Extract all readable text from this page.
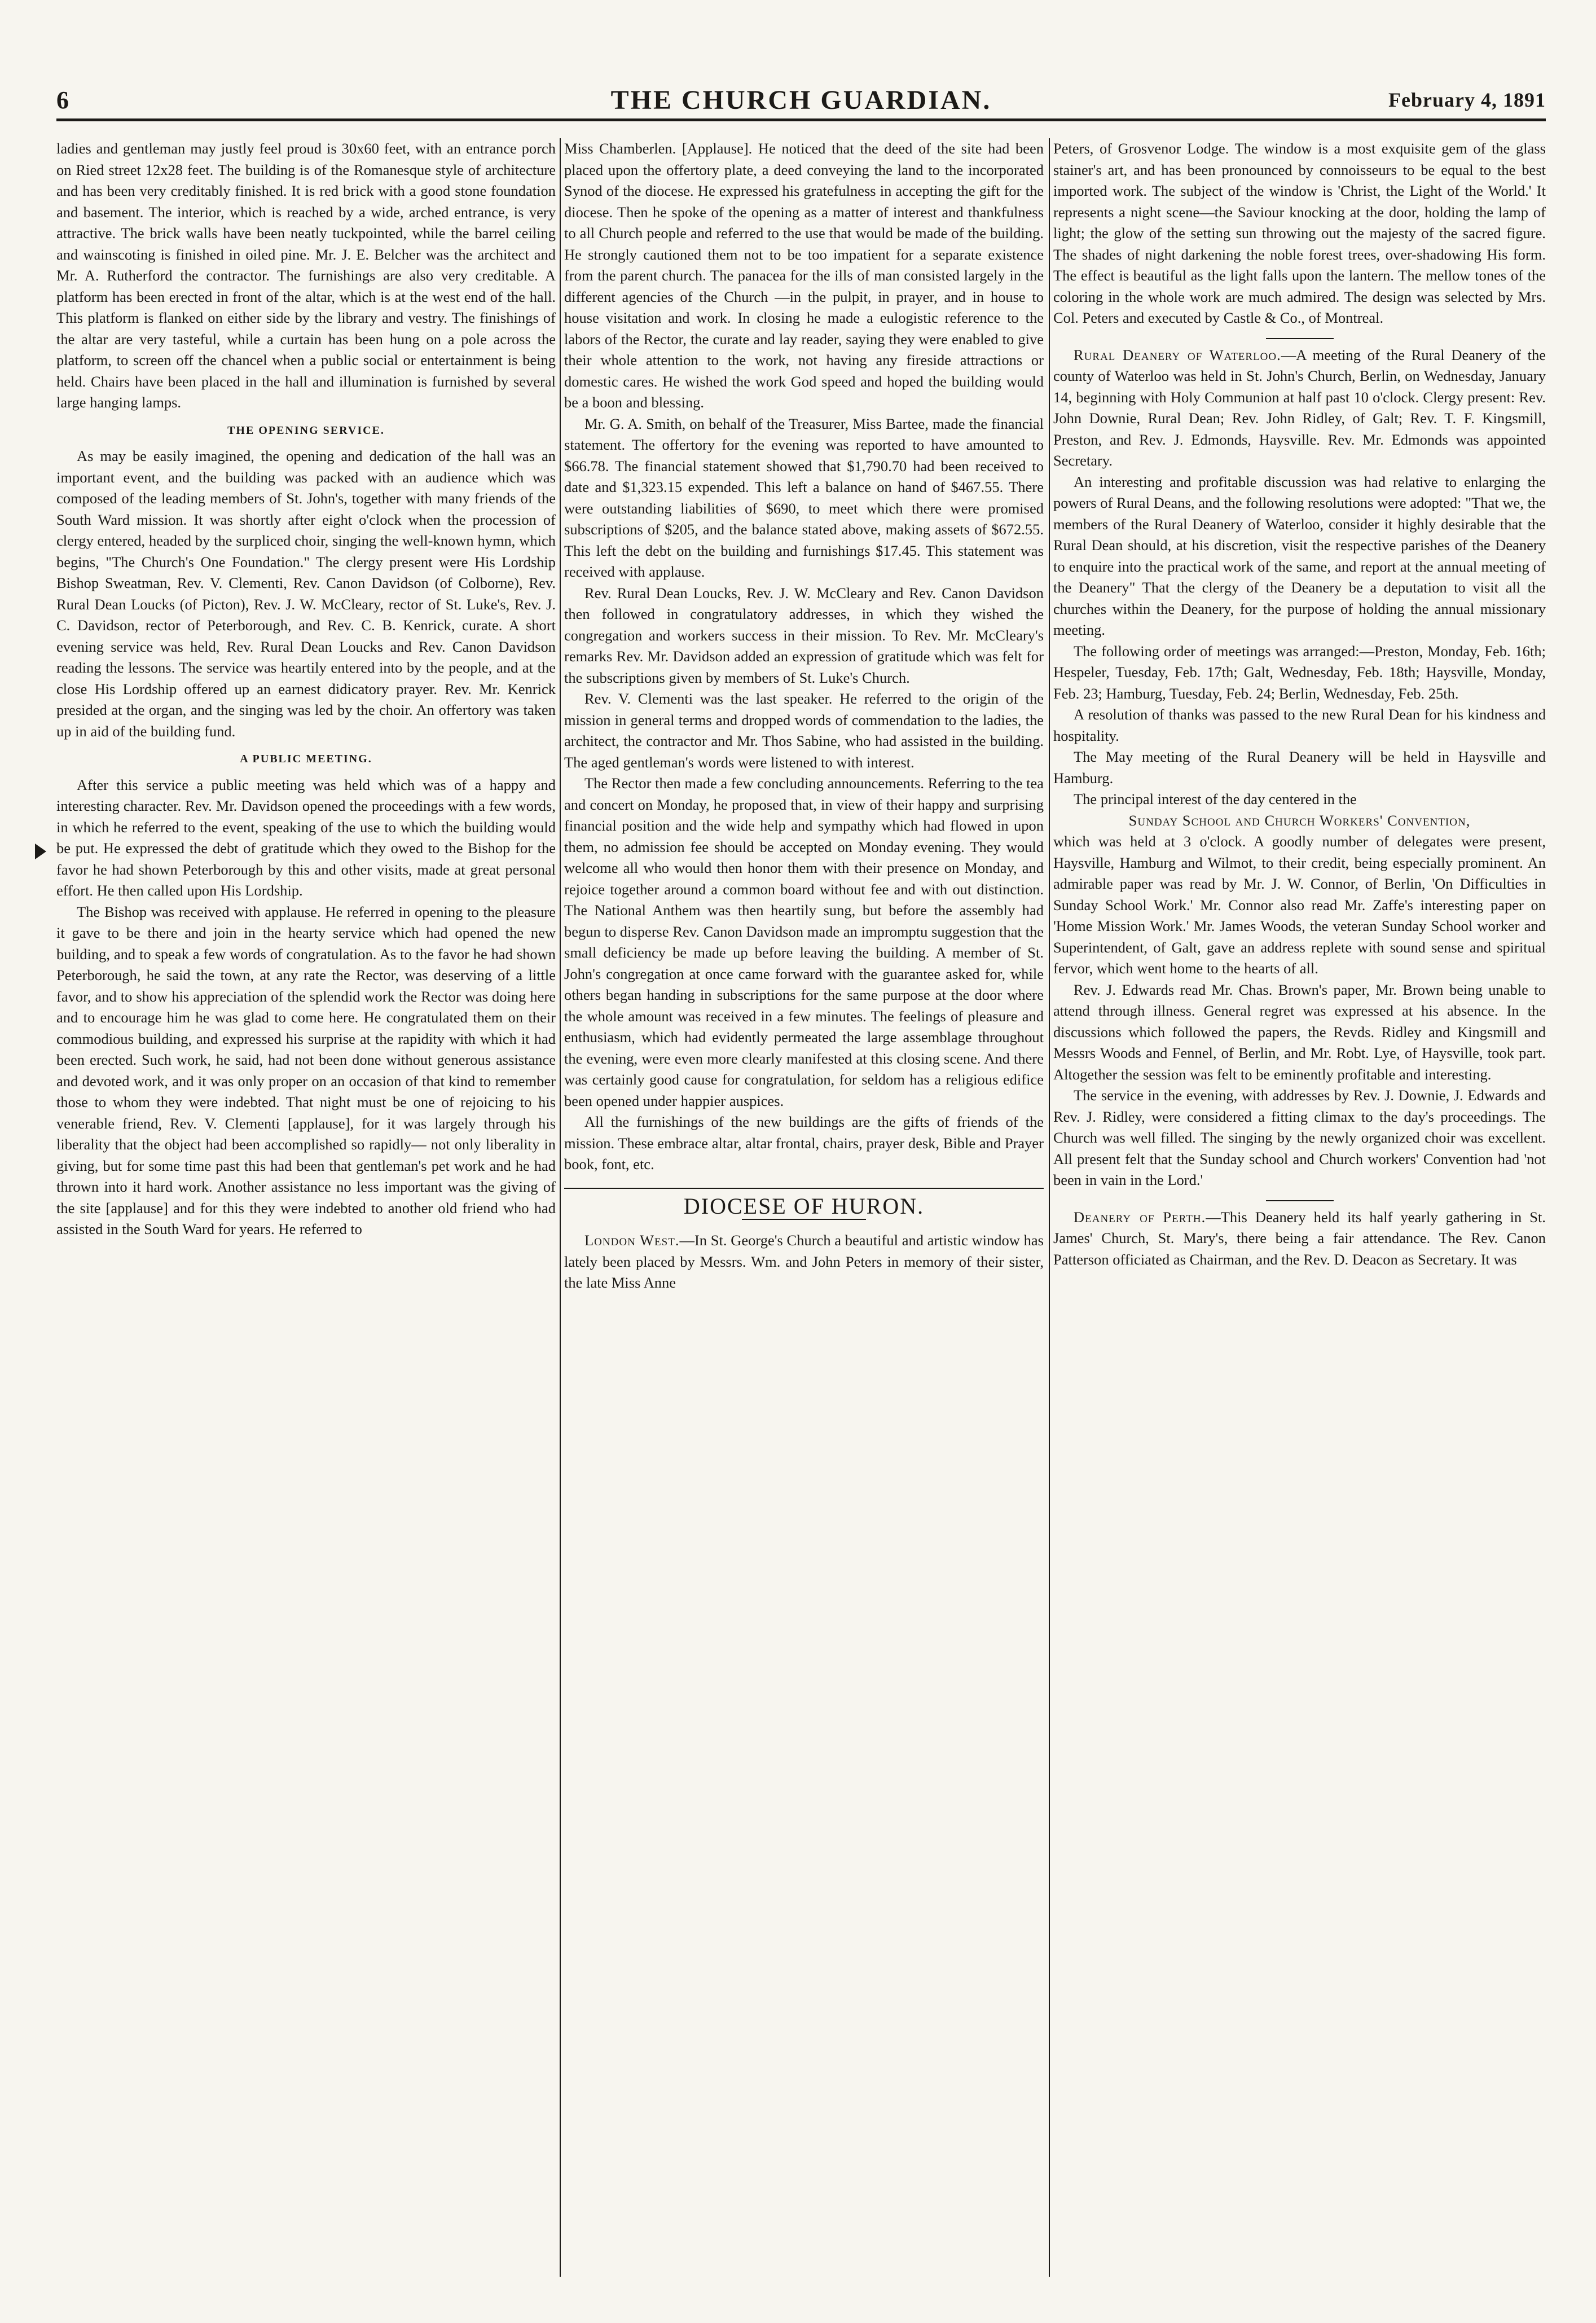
6	THE CHURCH GUARDIAN.	February 4, 1891

ladies and gentleman may justly feel proud is 30x60 feet, with an entrance porch on Ried street 12x28 feet. The building is of the Romanesque style of architecture and has been very creditably finished. It is red brick with a good stone foundation and basement. The interior, which is reached by a wide, arched entrance, is very attractive. The brick walls have been neatly tuckpointed, while the barrel ceiling and wainscoting is finished in oiled pine. Mr. J. E. Belcher was the architect and Mr. A. Rutherford the contractor. The furnishings are also very creditable. A platform has been erected in front of the altar, which is at the west end of the hall. This platform is flanked on either side by the library and vestry. The finishings of the altar are very tasteful, while a curtain has been hung on a pole across the platform, to screen off the chancel when a public social or entertainment is being held. Chairs have been placed in the hall and illumination is furnished by several large hanging lamps.

THE OPENING SERVICE.

As may be easily imagined, the opening and dedication of the hall was an important event, and the building was packed with an audience which was composed of the leading members of St. John's, together with many friends of the South Ward mission. It was shortly after eight o'clock when the procession of clergy entered, headed by the surpliced choir, singing the well-known hymn, which begins, "The Church's One Foundation." The clergy present were His Lordship Bishop Sweatman, Rev. V. Clementi, Rev. Canon Davidson (of Colborne), Rev. Rural Dean Loucks (of Picton), Rev. J. W. McCleary, rector of St. Luke's, Rev. J. C. Davidson, rector of Peterborough, and Rev. C. B. Kenrick, curate. A short evening service was held, Rev. Rural Dean Loucks and Rev. Canon Davidson reading the lessons. The service was heartily entered into by the people, and at the close His Lordship offered up an earnest didicatory prayer. Rev. Mr. Kenrick presided at the organ, and the singing was led by the choir. An offertory was taken up in aid of the building fund.

A PUBLIC MEETING.

After this service a public meeting was held which was of a happy and interesting character. Rev. Mr. Davidson opened the proceedings with a few words, in which he referred to the event, speaking of the use to which the building would be put. He expressed the debt of gratitude which they owed to the Bishop for the favor he had shown Peterborough by this and other visits, made at great personal effort. He then called upon His Lordship.

The Bishop was received with applause. He referred in opening to the pleasure it gave to be there and join in the hearty service which had opened the new building, and to speak a few words of congratulation. As to the favor he had shown Peterborough, he said the town, at any rate the Rector, was deserving of a little favor, and to show his appreciation of the splendid work the Rector was doing here and to encourage him he was glad to come here. He congratulated them on their commodious building, and expressed his surprise at the rapidity with which it had been erected. Such work, he said, had not been done without generous assistance and devoted work, and it was only proper on an occasion of that kind to remember those to whom they were indebted. That night must be one of rejoicing to his venerable friend, Rev. V. Clementi [applause], for it was largely through his liberality that the object had been accomplished so rapidly— not only liberality in giving, but for some time past this had been that gentleman's pet work and he had thrown into it hard work. Another assistance no less important was the giving of the site [applause] and for this they were indebted to another old friend who had assisted in the South Ward for years. He referred to

Miss Chamberlen. [Applause]. He noticed that the deed of the site had been placed upon the offertory plate, a deed conveying the land to the incorporated Synod of the diocese. He expressed his gratefulness in accepting the gift for the diocese. Then he spoke of the opening as a matter of interest and thankfulness to all Church people and referred to the use that would be made of the building. He strongly cautioned them not to be too impatient for a separate existence from the parent church. The panacea for the ills of man consisted largely in the different agencies of the Church —in the pulpit, in prayer, and in house to house visitation and work. In closing he made a eulogistic reference to the labors of the Rector, the curate and lay reader, saying they were enabled to give their whole attention to the work, not having any fireside attractions or domestic cares. He wished the work God speed and hoped the building would be a boon and blessing.

Mr. G. A. Smith, on behalf of the Treasurer, Miss Bartee, made the financial statement. The offertory for the evening was reported to have amounted to $66.78. The financial statement showed that $1,790.70 had been received to date and $1,323.15 expended. This left a balance on hand of $467.55. There were outstanding liabilities of $690, to meet which there were promised subscriptions of $205, and the balance stated above, making assets of $672.55. This left the debt on the building and furnishings $17.45. This statement was received with applause.

Rev. Rural Dean Loucks, Rev. J. W. McCleary and Rev. Canon Davidson then followed in congratulatory addresses, in which they wished the congregation and workers success in their mission. To Rev. Mr. McCleary's remarks Rev. Mr. Davidson added an expression of gratitude which was felt for the subscriptions given by members of St. Luke's Church.

Rev. V. Clementi was the last speaker. He referred to the origin of the mission in general terms and dropped words of commendation to the ladies, the architect, the contractor and Mr. Thos Sabine, who had assisted in the building. The aged gentleman's words were listened to with interest.

The Rector then made a few concluding announcements. Referring to the tea and concert on Monday, he proposed that, in view of their happy and surprising financial position and the wide help and sympathy which had flowed in upon them, no admission fee should be accepted on Monday evening. They would welcome all who would then honor them with their presence on Monday, and rejoice together around a common board without fee and with out distinction. The National Anthem was then heartily sung, but before the assembly had begun to disperse Rev. Canon Davidson made an impromptu suggestion that the small deficiency be made up before leaving the building. A member of St. John's congregation at once came forward with the guarantee asked for, while others began handing in subscriptions for the same purpose at the door where the whole amount was received in a few minutes. The feelings of pleasure and enthusiasm, which had evidently permeated the large assemblage throughout the evening, were even more clearly manifested at this closing scene. And there was certainly good cause for congratulation, for seldom has a religious edifice been opened under happier auspices.

All the furnishings of the new buildings are the gifts of friends of the mission. These embrace altar, altar frontal, chairs, prayer desk, Bible and Prayer book, font, etc.

DIOCESE OF HURON.

London West.—In St. George's Church a beautiful and artistic window has lately been placed by Messrs. Wm. and John Peters in memory of their sister, the late Miss Anne

Peters, of Grosvenor Lodge. The window is a most exquisite gem of the glass stainer's art, and has been pronounced by connoisseurs to be equal to the best imported work. The subject of the window is 'Christ, the Light of the World.' It represents a night scene—the Saviour knocking at the door, holding the lamp of light; the glow of the setting sun throwing out the majesty of the sacred figure. The shades of night darkening the noble forest trees, over-shadowing His form. The effect is beautiful as the light falls upon the lantern. The mellow tones of the coloring in the whole work are much admired. The design was selected by Mrs. Col. Peters and executed by Castle & Co., of Montreal.

Rural Deanery of Waterloo.—A meeting of the Rural Deanery of the county of Waterloo was held in St. John's Church, Berlin, on Wednesday, January 14, beginning with Holy Communion at half past 10 o'clock. Clergy present: Rev. John Downie, Rural Dean; Rev. John Ridley, of Galt; Rev. T. F. Kingsmill, Preston, and Rev. J. Edmonds, Haysville. Rev. Mr. Edmonds was appointed Secretary.

An interesting and profitable discussion was had relative to enlarging the powers of Rural Deans, and the following resolutions were adopted: "That we, the members of the Rural Deanery of Waterloo, consider it highly desirable that the Rural Dean should, at his discretion, visit the respective parishes of the Deanery to enquire into the practical work of the same, and report at the annual meeting of the Deanery" That the clergy of the Deanery be a deputation to visit all the churches within the Deanery, for the purpose of holding the annual missionary meeting.

The following order of meetings was arranged:—Preston, Monday, Feb. 16th; Hespeler, Tuesday, Feb. 17th; Galt, Wednesday, Feb. 18th; Haysville, Monday, Feb. 23; Hamburg, Tuesday, Feb. 24; Berlin, Wednesday, Feb. 25th.

A resolution of thanks was passed to the new Rural Dean for his kindness and hospitality.

The May meeting of the Rural Deanery will be held in Haysville and Hamburg.

The principal interest of the day centered in the

Sunday School and Church Workers' Convention,

which was held at 3 o'clock. A goodly number of delegates were present, Haysville, Hamburg and Wilmot, to their credit, being especially prominent. An admirable paper was read by Mr. J. W. Connor, of Berlin, 'On Difficulties in Sunday School Work.' Mr. Connor also read Mr. Zaffe's interesting paper on 'Home Mission Work.' Mr. James Woods, the veteran Sunday School worker and Superintendent, of Galt, gave an address replete with sound sense and spiritual fervor, which went home to the hearts of all.

Rev. J. Edwards read Mr. Chas. Brown's paper, Mr. Brown being unable to attend through illness. General regret was expressed at his absence. In the discussions which followed the papers, the Revds. Ridley and Kingsmill and Messrs Woods and Fennel, of Berlin, and Mr. Robt. Lye, of Haysville, took part. Altogether the session was felt to be eminently profitable and interesting.

The service in the evening, with addresses by Rev. J. Downie, J. Edwards and Rev. J. Ridley, were considered a fitting climax to the day's proceedings. The Church was well filled. The singing by the newly organized choir was excellent. All present felt that the Sunday school and Church workers' Convention had 'not been in vain in the Lord.'

Deanery of Perth.—This Deanery held its half yearly gathering in St. James' Church, St. Mary's, there being a fair attendance. The Rev. Canon Patterson officiated as Chairman, and the Rev. D. Deacon as Secretary. It was
